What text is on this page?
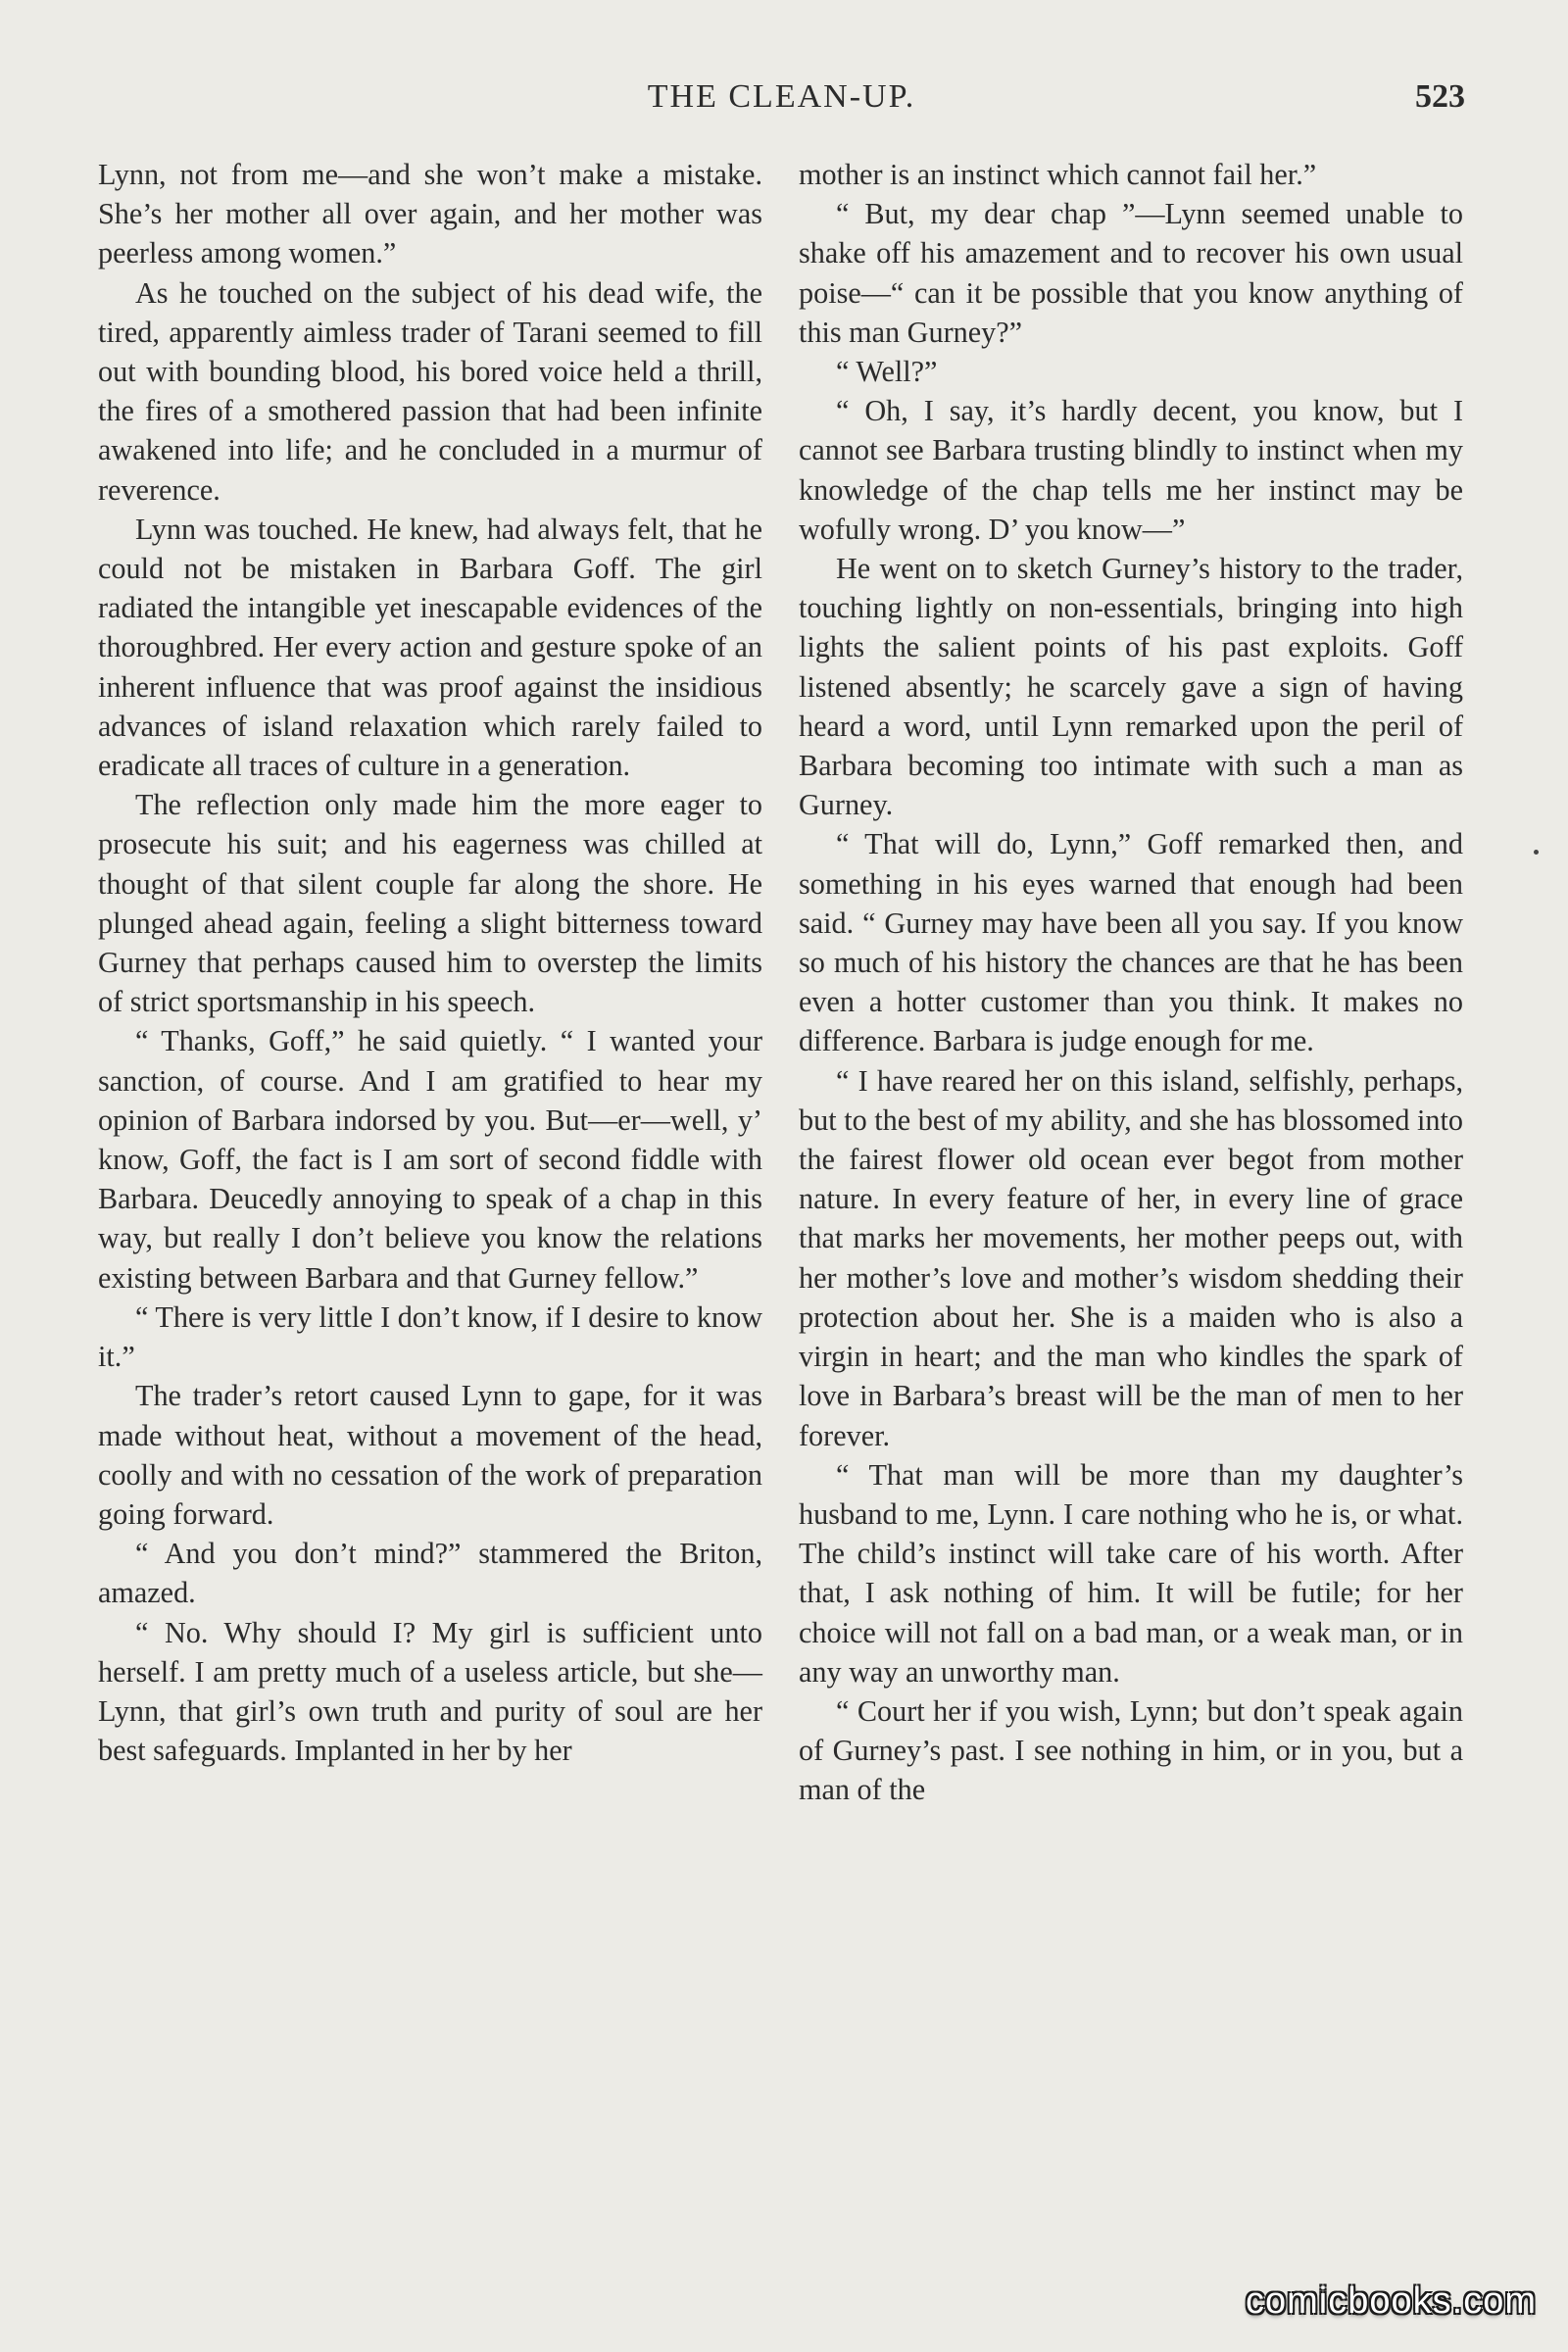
THE CLEAN-UP.	523

Lynn, not from me—and she won’t make a mistake. She’s her mother all over again, and her mother was peerless among women.”

As he touched on the subject of his dead wife, the tired, apparently aimless trader of Tarani seemed to fill out with bounding blood, his bored voice held a thrill, the fires of a smothered passion that had been infinite awakened into life; and he concluded in a murmur of reverence.

Lynn was touched. He knew, had always felt, that he could not be mistaken in Barbara Goff. The girl radiated the intangible yet inescapable evidences of the thoroughbred. Her every action and gesture spoke of an inherent influence that was proof against the insidious advances of island relaxation which rarely failed to eradicate all traces of culture in a generation.

The reflection only made him the more eager to prosecute his suit; and his eagerness was chilled at thought of that silent couple far along the shore. He plunged ahead again, feeling a slight bitterness toward Gurney that perhaps caused him to overstep the limits of strict sportsmanship in his speech.

“ Thanks, Goff,” he said quietly. “ I wanted your sanction, of course. And I am gratified to hear my opinion of Barbara indorsed by you. But—er—well, y’ know, Goff, the fact is I am sort of second fiddle with Barbara. Deucedly annoying to speak of a chap in this way, but really I don’t believe you know the relations existing between Barbara and that Gurney fellow.”

“ There is very little I don’t know, if I desire to know it.”

The trader’s retort caused Lynn to gape, for it was made without heat, without a movement of the head, coolly and with no cessation of the work of preparation going forward.

“ And you don’t mind?” stammered the Briton, amazed.

“ No. Why should I? My girl is sufficient unto herself. I am pretty much of a useless article, but she—Lynn, that girl’s own truth and purity of soul are her best safeguards. Implanted in her by her

mother is an instinct which cannot fail her.”

“ But, my dear chap ”—Lynn seemed unable to shake off his amazement and to recover his own usual poise—“ can it be possible that you know anything of this man Gurney?”

“ Well?”

“ Oh, I say, it’s hardly decent, you know, but I cannot see Barbara trusting blindly to instinct when my knowledge of the chap tells me her instinct may be wofully wrong. D’ you know—”

He went on to sketch Gurney’s history to the trader, touching lightly on non-essentials, bringing into high lights the salient points of his past exploits. Goff listened absently; he scarcely gave a sign of having heard a word, until Lynn remarked upon the peril of Barbara becoming too intimate with such a man as Gurney.

“ That will do, Lynn,” Goff remarked then, and something in his eyes warned that enough had been said. “ Gurney may have been all you say. If you know so much of his history the chances are that he has been even a hotter customer than you think. It makes no difference. Barbara is judge enough for me.

“ I have reared her on this island, selfishly, perhaps, but to the best of my ability, and she has blossomed into the fairest flower old ocean ever begot from mother nature. In every feature of her, in every line of grace that marks her movements, her mother peeps out, with her mother’s love and mother’s wisdom shedding their protection about her. She is a maiden who is also a virgin in heart; and the man who kindles the spark of love in Barbara’s breast will be the man of men to her forever.

“ That man will be more than my daughter’s husband to me, Lynn. I care nothing who he is, or what. The child’s instinct will take care of his worth. After that, I ask nothing of him. It will be futile; for her choice will not fall on a bad man, or a weak man, or in any way an unworthy man.

“ Court her if you wish, Lynn; but don’t speak again of Gurney’s past. I see nothing in him, or in you, but a man of the

comicbooks.com
